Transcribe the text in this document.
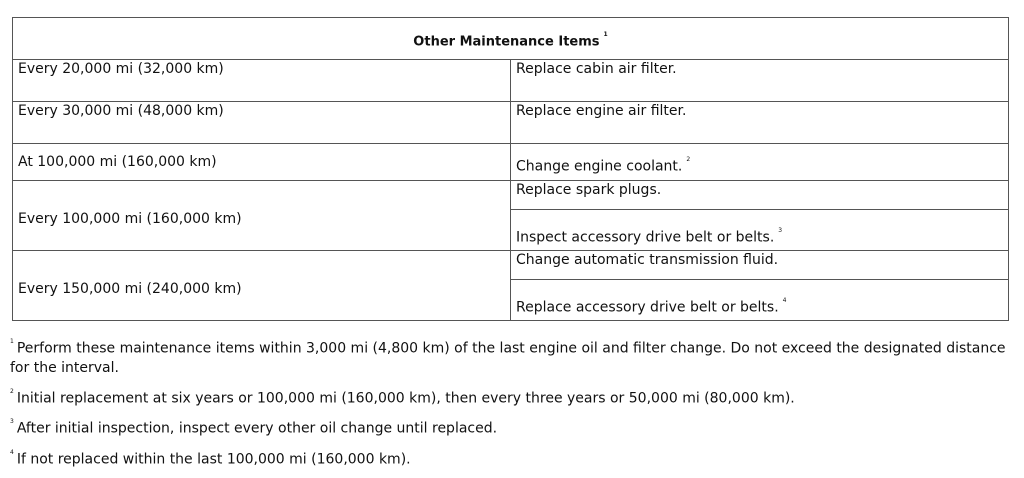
Other Maintenance Items $^1$
Every 20,000 mi (32,000 km)	Replace cabin air filter.
Every 30,000 mi (48,000 km)	Replace engine air filter.
At 100,000 mi (160,000 km)	Change engine coolant. $^2$
Every 100,000 mi (160,000 km)	Replace spark plugs.
	Inspect accessory drive belt or belts. $^3$
Every 150,000 mi (240,000 km)	Change automatic transmission fluid.
	Replace accessory drive belt or belts. $^4$
$^1$ Perform these maintenance items within 3,000 mi (4,800 km) of the last engine oil and filter change. Do not exceed the designated distance for the interval.
$^2$ Initial replacement at six years or 100,000 mi (160,000 km), then every three years or 50,000 mi (80,000 km).
$^3$ After initial inspection, inspect every other oil change until replaced.
$^4$ If not replaced within the last 100,000 mi (160,000 km).
